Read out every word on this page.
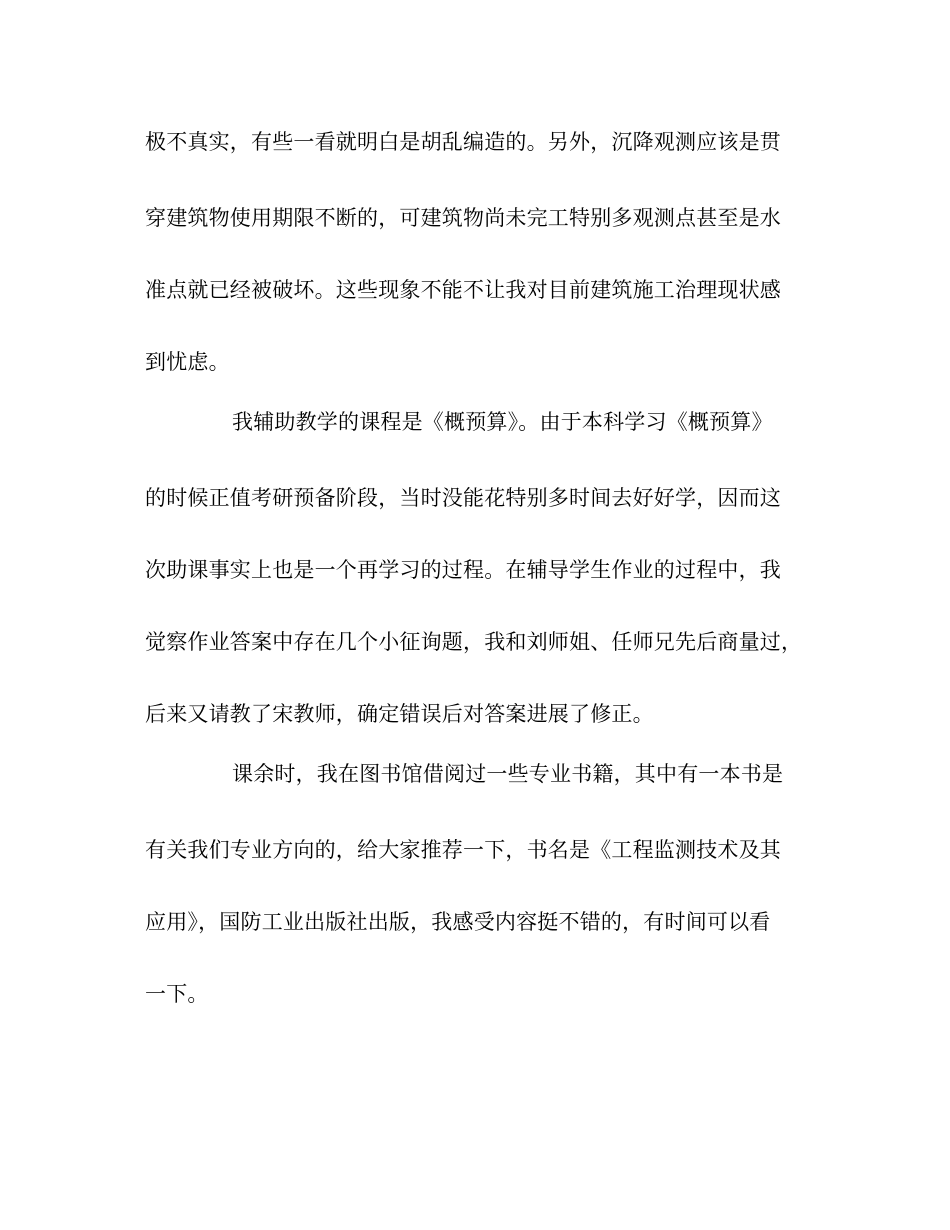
极不真实，有些一看就明白是胡乱编造的。另外，沉降观测应该是贯
穿建筑物使用期限不断的，可建筑物尚未完工特别多观测点甚至是水
准点就已经被破坏。这些现象不能不让我对目前建筑施工治理现状感
到忧虑。
我辅助教学的课程是《概预算》。由于本科学习《概预算》
的时候正值考研预备阶段，当时没能花特别多时间去好好学，因而这
次助课事实上也是一个再学习的过程。在辅导学生作业的过程中，我
觉察作业答案中存在几个小征询题，我和刘师姐、任师兄先后商量过，
后来又请教了宋教师，确定错误后对答案进展了修正。
课余时，我在图书馆借阅过一些专业书籍，其中有一本书是
有关我们专业方向的，给大家推荐一下，书名是《工程监测技术及其
应用》，国防工业出版社出版，我感受内容挺不错的，有时间可以看
一下。
